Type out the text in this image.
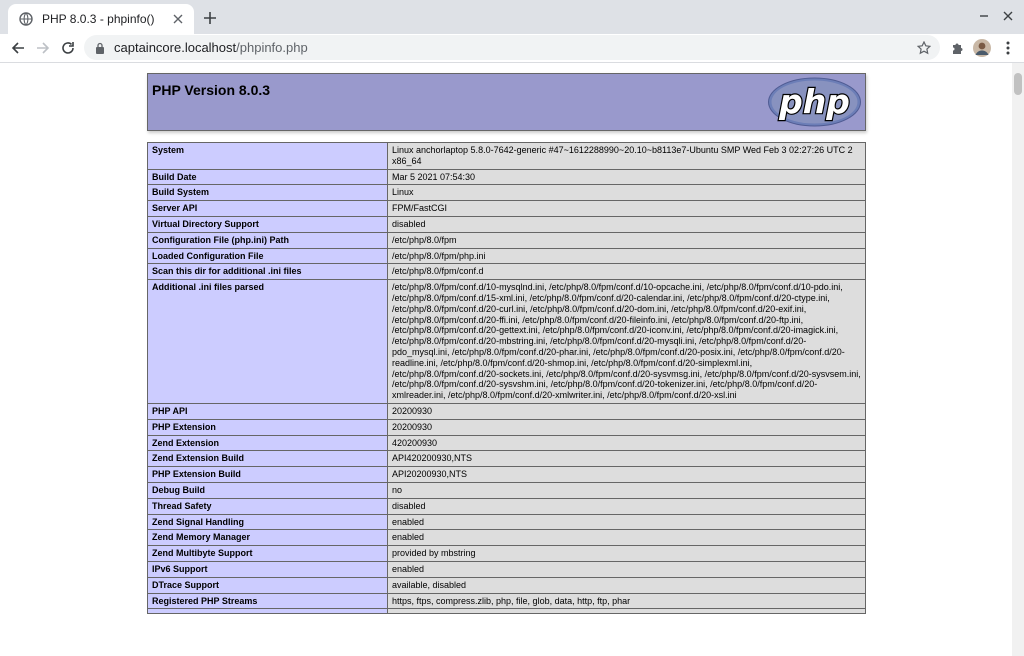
PHP 8.0.3 - phpinfo()
captaincore.localhost/phpinfo.php
PHP Version 8.0.3	php
System	Linux anchorlaptop 5.8.0-7642-generic #47~1612288990~20.10~b8113e7-Ubuntu SMP Wed Feb 3 02:27:26 UTC 2 x86_64
Build Date	Mar 5 2021 07:54:30
Build System	Linux
Server API	FPM/FastCGI
Virtual Directory Support	disabled
Configuration File (php.ini) Path	/etc/php/8.0/fpm
Loaded Configuration File	/etc/php/8.0/fpm/php.ini
Scan this dir for additional .ini files	/etc/php/8.0/fpm/conf.d
Additional .ini files parsed	/etc/php/8.0/fpm/conf.d/10-mysqlnd.ini, /etc/php/8.0/fpm/conf.d/10-opcache.ini, /etc/php/8.0/fpm/conf.d/10-pdo.ini, /etc/php/8.0/fpm/conf.d/15-xml.ini, /etc/php/8.0/fpm/conf.d/20-calendar.ini, /etc/php/8.0/fpm/conf.d/20-ctype.ini, /etc/php/8.0/fpm/conf.d/20-curl.ini, /etc/php/8.0/fpm/conf.d/20-dom.ini, /etc/php/8.0/fpm/conf.d/20-exif.ini, /etc/php/8.0/fpm/conf.d/20-ffi.ini, /etc/php/8.0/fpm/conf.d/20-fileinfo.ini, /etc/php/8.0/fpm/conf.d/20-ftp.ini, /etc/php/8.0/fpm/conf.d/20-gettext.ini, /etc/php/8.0/fpm/conf.d/20-iconv.ini, /etc/php/8.0/fpm/conf.d/20-imagick.ini, /etc/php/8.0/fpm/conf.d/20-mbstring.ini, /etc/php/8.0/fpm/conf.d/20-mysqli.ini, /etc/php/8.0/fpm/conf.d/20-pdo_mysql.ini, /etc/php/8.0/fpm/conf.d/20-phar.ini, /etc/php/8.0/fpm/conf.d/20-posix.ini, /etc/php/8.0/fpm/conf.d/20-readline.ini, /etc/php/8.0/fpm/conf.d/20-shmop.ini, /etc/php/8.0/fpm/conf.d/20-simplexml.ini, /etc/php/8.0/fpm/conf.d/20-sockets.ini, /etc/php/8.0/fpm/conf.d/20-sysvmsg.ini, /etc/php/8.0/fpm/conf.d/20-sysvsem.ini, /etc/php/8.0/fpm/conf.d/20-sysvshm.ini, /etc/php/8.0/fpm/conf.d/20-tokenizer.ini, /etc/php/8.0/fpm/conf.d/20-xmlreader.ini, /etc/php/8.0/fpm/conf.d/20-xmlwriter.ini, /etc/php/8.0/fpm/conf.d/20-xsl.ini
PHP API	20200930
PHP Extension	20200930
Zend Extension	420200930
Zend Extension Build	API420200930,NTS
PHP Extension Build	API20200930,NTS
Debug Build	no
Thread Safety	disabled
Zend Signal Handling	enabled
Zend Memory Manager	enabled
Zend Multibyte Support	provided by mbstring
IPv6 Support	enabled
DTrace Support	available, disabled
Registered PHP Streams	https, ftps, compress.zlib, php, file, glob, data, http, ftp, phar
